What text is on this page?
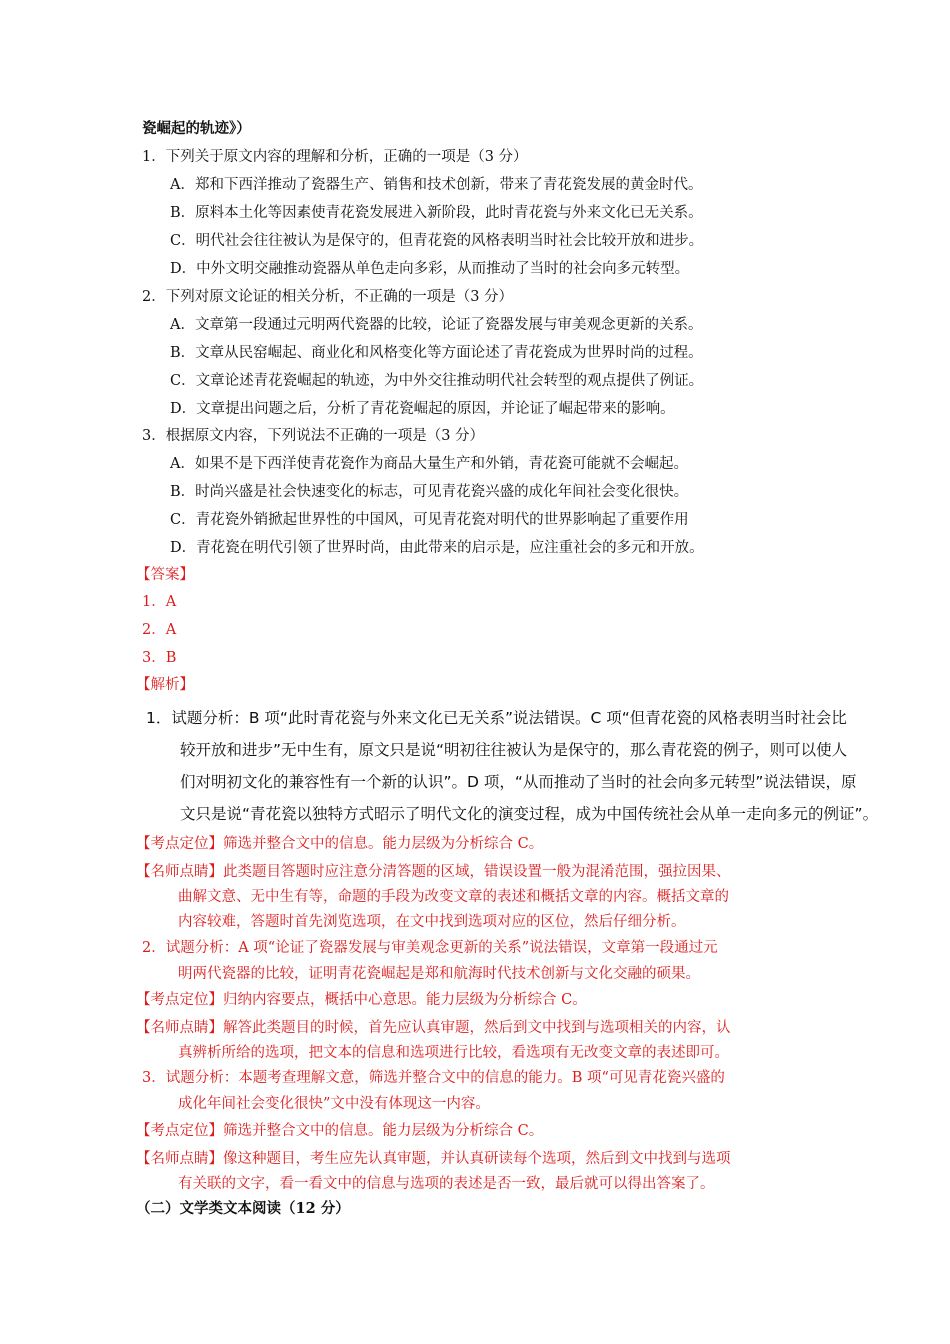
瓷崛起的轨迹》）
1．下列关于原文内容的理解和分析，正确的一项是（3 分）
A．郑和下西洋推动了瓷器生产、销售和技术创新，带来了青花瓷发展的黄金时代。
B．原料本土化等因素使青花瓷发展进入新阶段，此时青花瓷与外来文化已无关系。
C．明代社会往往被认为是保守的，但青花瓷的风格表明当时社会比较开放和进步。
D．中外文明交融推动瓷器从单色走向多彩，从而推动了当时的社会向多元转型。
2．下列对原文论证的相关分析，不正确的一项是（3 分）
A．文章第一段通过元明两代瓷器的比较，论证了瓷器发展与审美观念更新的关系。
B．文章从民窑崛起、商业化和风格变化等方面论述了青花瓷成为世界时尚的过程。
C．文章论述青花瓷崛起的轨迹，为中外交往推动明代社会转型的观点提供了例证。
D．文章提出问题之后，分析了青花瓷崛起的原因，并论证了崛起带来的影响。
3．根据原文内容，下列说法不正确的一项是（3 分）
A．如果不是下西洋使青花瓷作为商品大量生产和外销，青花瓷可能就不会崛起。
B．时尚兴盛是社会快速变化的标志，可见青花瓷兴盛的成化年间社会变化很快。
C．青花瓷外销掀起世界性的中国风，可见青花瓷对明代的世界影响起了重要作用
D．青花瓷在明代引领了世界时尚，由此带来的启示是，应注重社会的多元和开放。
【答案】
1．A
2．A
3．B
【解析】
1．试题分析：B 项“此时青花瓷与外来文化已无关系”说法错误。C 项“但青花瓷的风格表明当时社会比
较开放和进步”无中生有，原文只是说“明初往往被认为是保守的，那么青花瓷的例子，则可以使人
们对明初文化的兼容性有一个新的认识”。D 项，“从而推动了当时的社会向多元转型”说法错误，原
文只是说“青花瓷以独特方式昭示了明代文化的演变过程，成为中国传统社会从单一走向多元的例证”。
【考点定位】筛选并整合文中的信息。能力层级为分析综合 C。
【名师点睛】此类题目答题时应注意分清答题的区域，错误设置一般为混淆范围，强拉因果、
曲解文意、无中生有等，命题的手段为改变文章的表述和概括文章的内容。概括文章的
内容较难，答题时首先浏览选项，在文中找到选项对应的区位，然后仔细分析。
2．试题分析：A 项“论证了瓷器发展与审美观念更新的关系”说法错误，文章第一段通过元
明两代瓷器的比较，证明青花瓷崛起是郑和航海时代技术创新与文化交融的硕果。
【考点定位】归纳内容要点，概括中心意思。能力层级为分析综合 C。
【名师点睛】解答此类题目的时候，首先应认真审题，然后到文中找到与选项相关的内容，认
真辨析所给的选项，把文本的信息和选项进行比较，看选项有无改变文章的表述即可。
3．试题分析：本题考查理解文意，筛选并整合文中的信息的能力。B 项“可见青花瓷兴盛的
成化年间社会变化很快”文中没有体现这一内容。
【考点定位】筛选并整合文中的信息。能力层级为分析综合 C。
【名师点睛】像这种题目，考生应先认真审题，并认真研读每个选项，然后到文中找到与选项
有关联的文字，看一看文中的信息与选项的表述是否一致，最后就可以得出答案了。
（二）文学类文本阅读（12 分）
